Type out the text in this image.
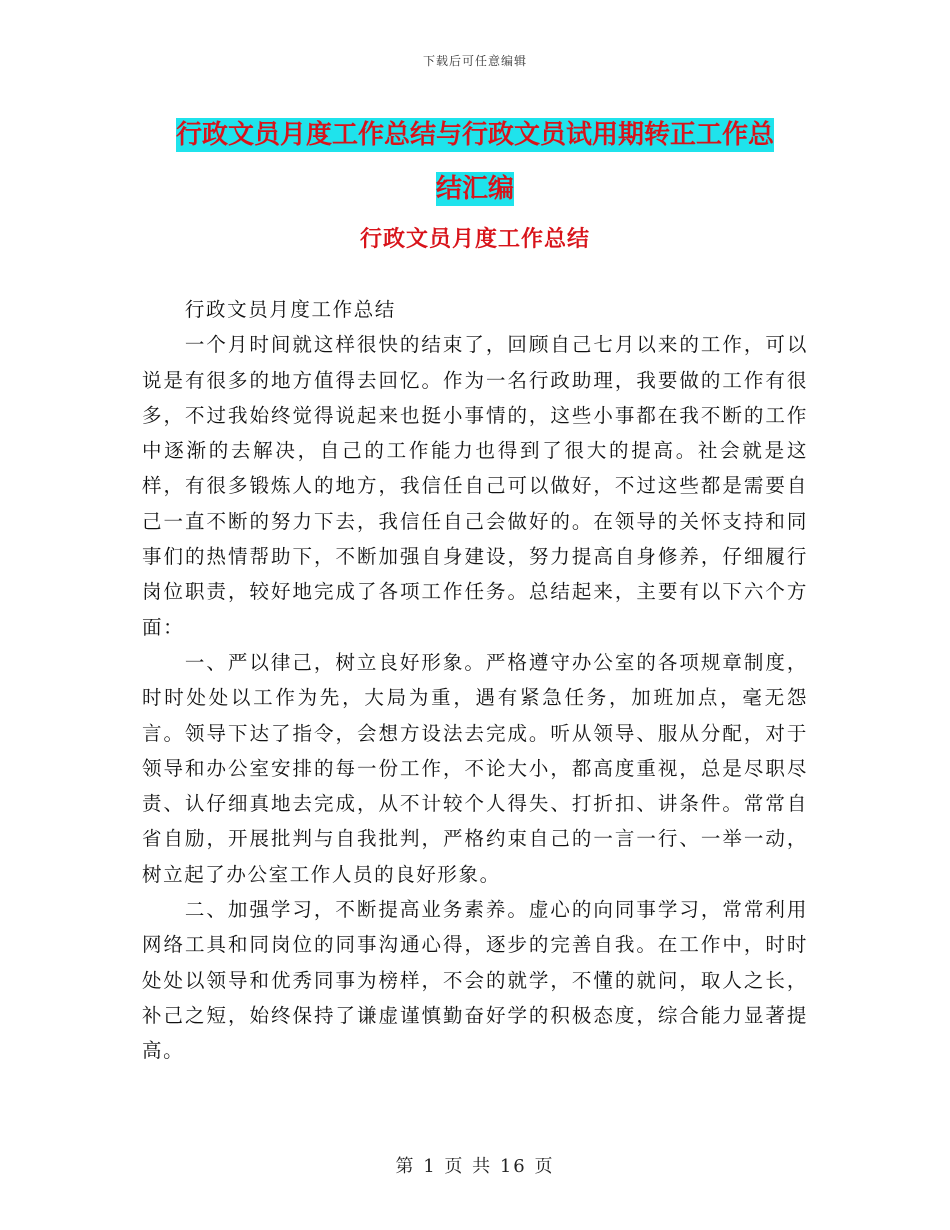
下载后可任意编辑
行政文员月度工作总结与行政文员试用期转正工作总
结汇编
行政文员月度工作总结

行政文员月度工作总结

一个月时间就这样很快的结束了，回顾自己七月以来的工作，可以说是有很多的地方值得去回忆。作为一名行政助理，我要做的工作有很多，不过我始终觉得说起来也挺小事情的，这些小事都在我不断的工作中逐渐的去解决，自己的工作能力也得到了很大的提高。社会就是这样，有很多锻炼人的地方，我信任自己可以做好，不过这些都是需要自己一直不断的努力下去，我信任自己会做好的。在领导的关怀支持和同事们的热情帮助下，不断加强自身建设，努力提高自身修养，仔细履行岗位职责，较好地完成了各项工作任务。总结起来，主要有以下六个方面：

一、严以律己，树立良好形象。严格遵守办公室的各项规章制度，时时处处以工作为先，大局为重，遇有紧急任务，加班加点，毫无怨言。领导下达了指令，会想方设法去完成。听从领导、服从分配，对于领导和办公室安排的每一份工作，不论大小，都高度重视，总是尽职尽责、认仔细真地去完成，从不计较个人得失、打折扣、讲条件。常常自省自励，开展批判与自我批判，严格约束自己的一言一行、一举一动，树立起了办公室工作人员的良好形象。

二、加强学习，不断提高业务素养。虚心的向同事学习，常常利用网络工具和同岗位的同事沟通心得，逐步的完善自我。在工作中，时时处处以领导和优秀同事为榜样，不会的就学，不懂的就问，取人之长，补己之短，始终保持了谦虚谨慎勤奋好学的积极态度，综合能力显著提高。

第 1 页 共 16 页
